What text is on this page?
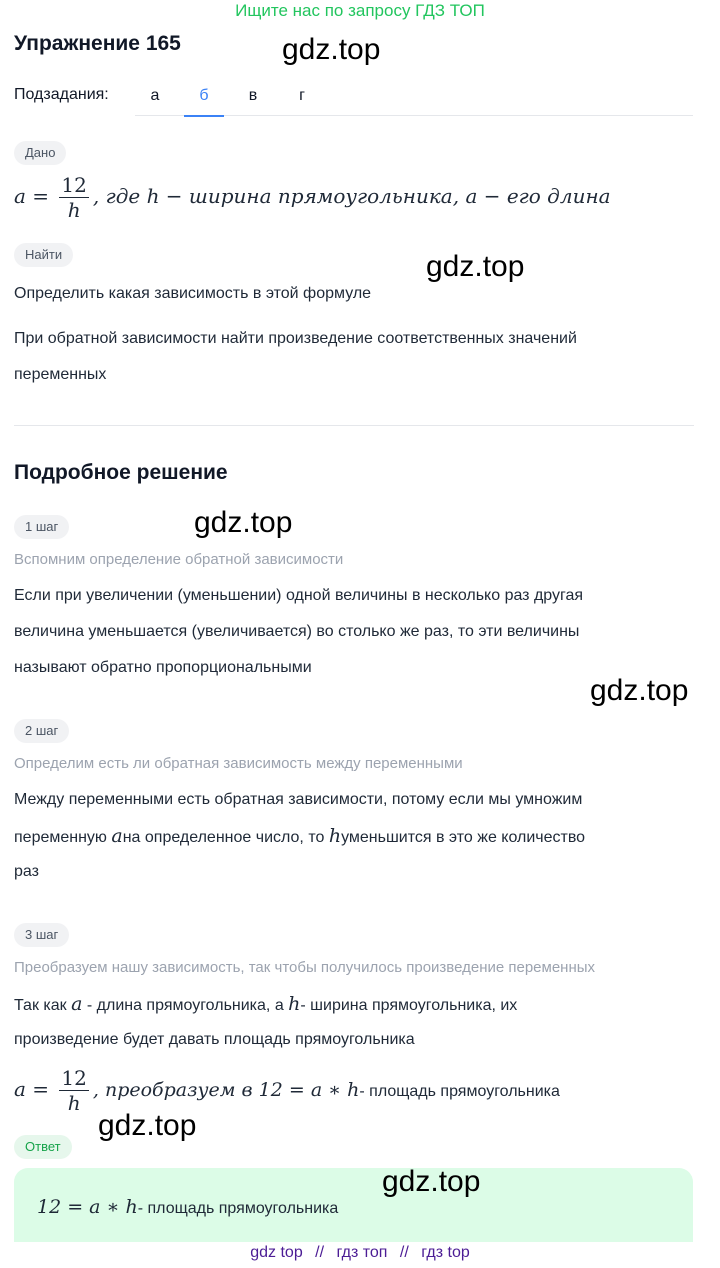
Ищите нас по запросу ГДЗ ТОП
Упражнение 165	gdz.top
gdz.top
gdz.top
gdz.top
gdz.top
gdz.top
Подзадания:	а	б	в	г
Дано
$a = \frac{12}{h}$ , где h − ширина прямоугольника, a − его длина
Найти
Определить какая зависимость в этой формуле
При обратной зависимости найти произведение соответственных значений
переменных
Подробное решение
1 шаг
Вспомним определение обратной зависимости
Если при увеличении (уменьшении) одной величины в несколько раз другая
величина уменьшается (увеличивается) во столько же раз, то эти величины
называют обратно пропорциональными
2 шаг
Определим есть ли обратная зависимость между переменными
Между переменными есть обратная зависимости, потому если мы умножим
переменную aна определенное число, то hуменьшится в это же количество
раз
3 шаг
Преобразуем нашу зависимость, так чтобы получилось произведение переменных
Так как a - длина прямоугольника, а h- ширина прямоугольника, их
произведение будет давать площадь прямоугольника
$a = \frac{12}{h}$ , преобразуем в 12 = a ∗ h- площадь прямоугольника
Ответ
12 = a ∗ h- площадь прямоугольника
gdz top // гдз топ // гдз top
